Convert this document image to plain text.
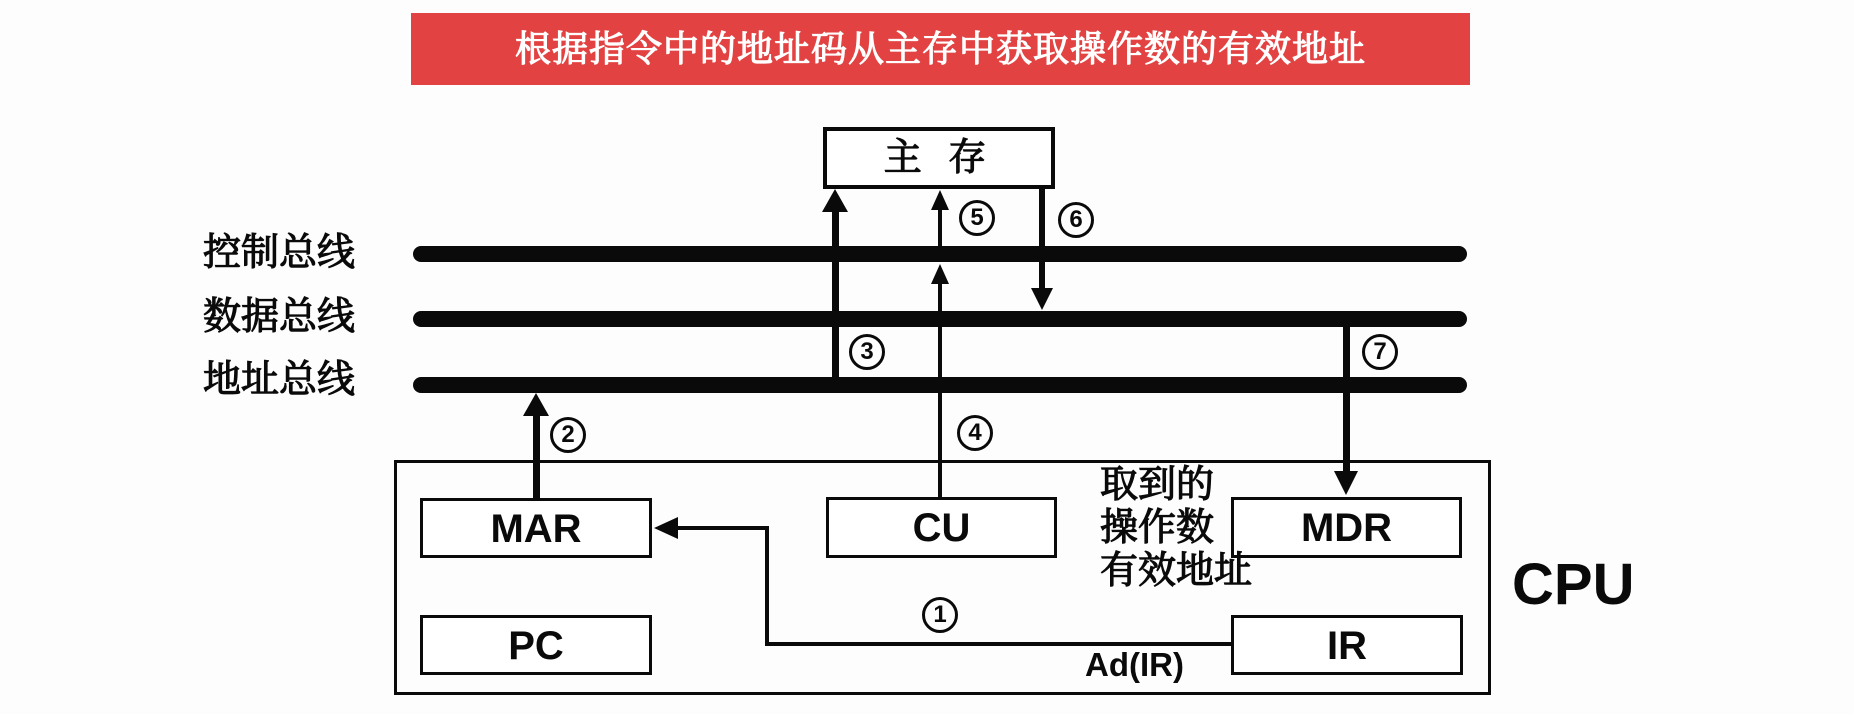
根据指令中的地址码从主存中获取操作数的有效地址
主 存
控制总线
数据总线
地址总线
CPU
MAR
PC
CU	MDR
IR
取到的
操作数
有效地址
Ad(IR)
1
2
3
4
5	6
7
